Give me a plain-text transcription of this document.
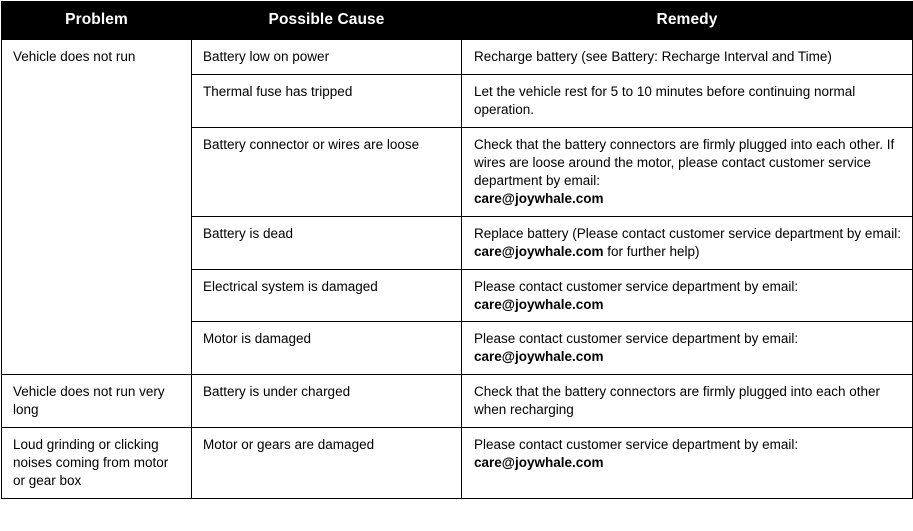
Problem	Possible Cause	Remedy
Vehicle does not run	Battery low on power	Recharge battery (see Battery: Recharge Interval and Time)
	Thermal fuse has tripped	Let the vehicle rest for 5 to 10 minutes before continuing normal operation.
	Battery connector or wires are loose	Check that the battery connectors are firmly plugged into each other. If wires are loose around the motor, please contact customer service department by email:
care@joywhale.com
	Battery is dead	Replace battery (Please contact customer service department by email: care@joywhale.com for further help)
	Electrical system is damaged	Please contact customer service department by email:
care@joywhale.com
	Motor is damaged	Please contact customer service department by email:
care@joywhale.com
Vehicle does not run very long	Battery is under charged	Check that the battery connectors are firmly plugged into each other when recharging
Loud grinding or clicking noises coming from motor or gear box	Motor or gears are damaged	Please contact customer service department by email:
care@joywhale.com
